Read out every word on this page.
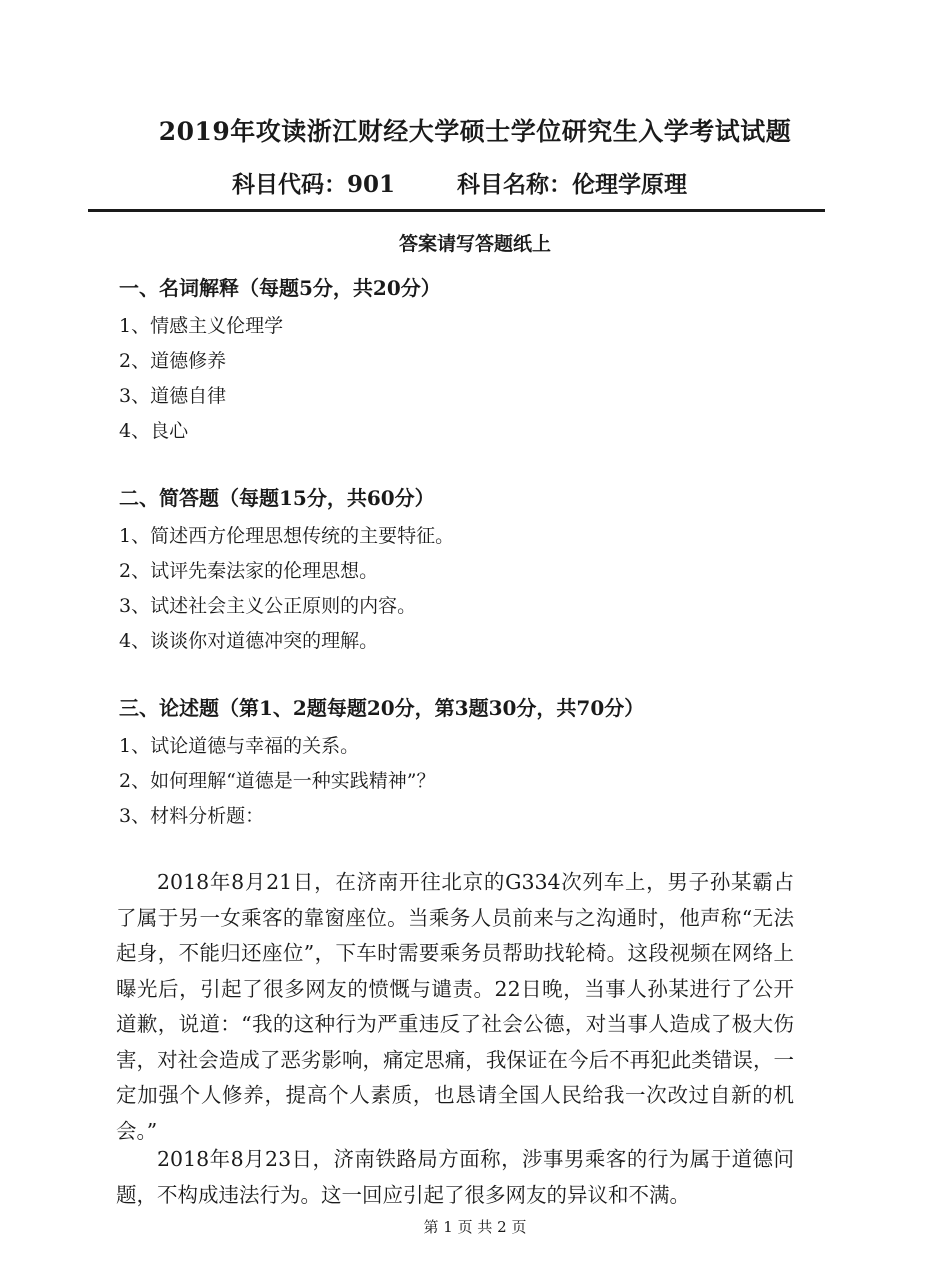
2019年攻读浙江财经大学硕士学位研究生入学考试试题
科目代码：901	科目名称：伦理学原理
答案请写答题纸上
一、名词解释（每题5分，共20分）
1、情感主义伦理学
2、道德修养
3、道德自律
4、良心
二、简答题（每题15分，共60分）
1、简述西方伦理思想传统的主要特征。
2、试评先秦法家的伦理思想。
3、试述社会主义公正原则的内容。
4、谈谈你对道德冲突的理解。
三、论述题（第1、2题每题20分，第3题30分，共70分）
1、试论道德与幸福的关系。
2、如何理解“道德是一种实践精神”？
3、材料分析题：
2018年8月21日，在济南开往北京的G334次列车上，男子孙某霸占了属于另一女乘客的靠窗座位。当乘务人员前来与之沟通时，他声称“无法起身，不能归还座位”，下车时需要乘务员帮助找轮椅。这段视频在网络上曝光后，引起了很多网友的愤慨与谴责。22日晚，当事人孙某进行了公开道歉，说道：“我的这种行为严重违反了社会公德，对当事人造成了极大伤害，对社会造成了恶劣影响，痛定思痛，我保证在今后不再犯此类错误，一定加强个人修养，提高个人素质，也恳请全国人民给我一次改过自新的机会。”
2018年8月23日，济南铁路局方面称，涉事男乘客的行为属于道德问题，不构成违法行为。这一回应引起了很多网友的异议和不满。
第 1 页 共 2 页
